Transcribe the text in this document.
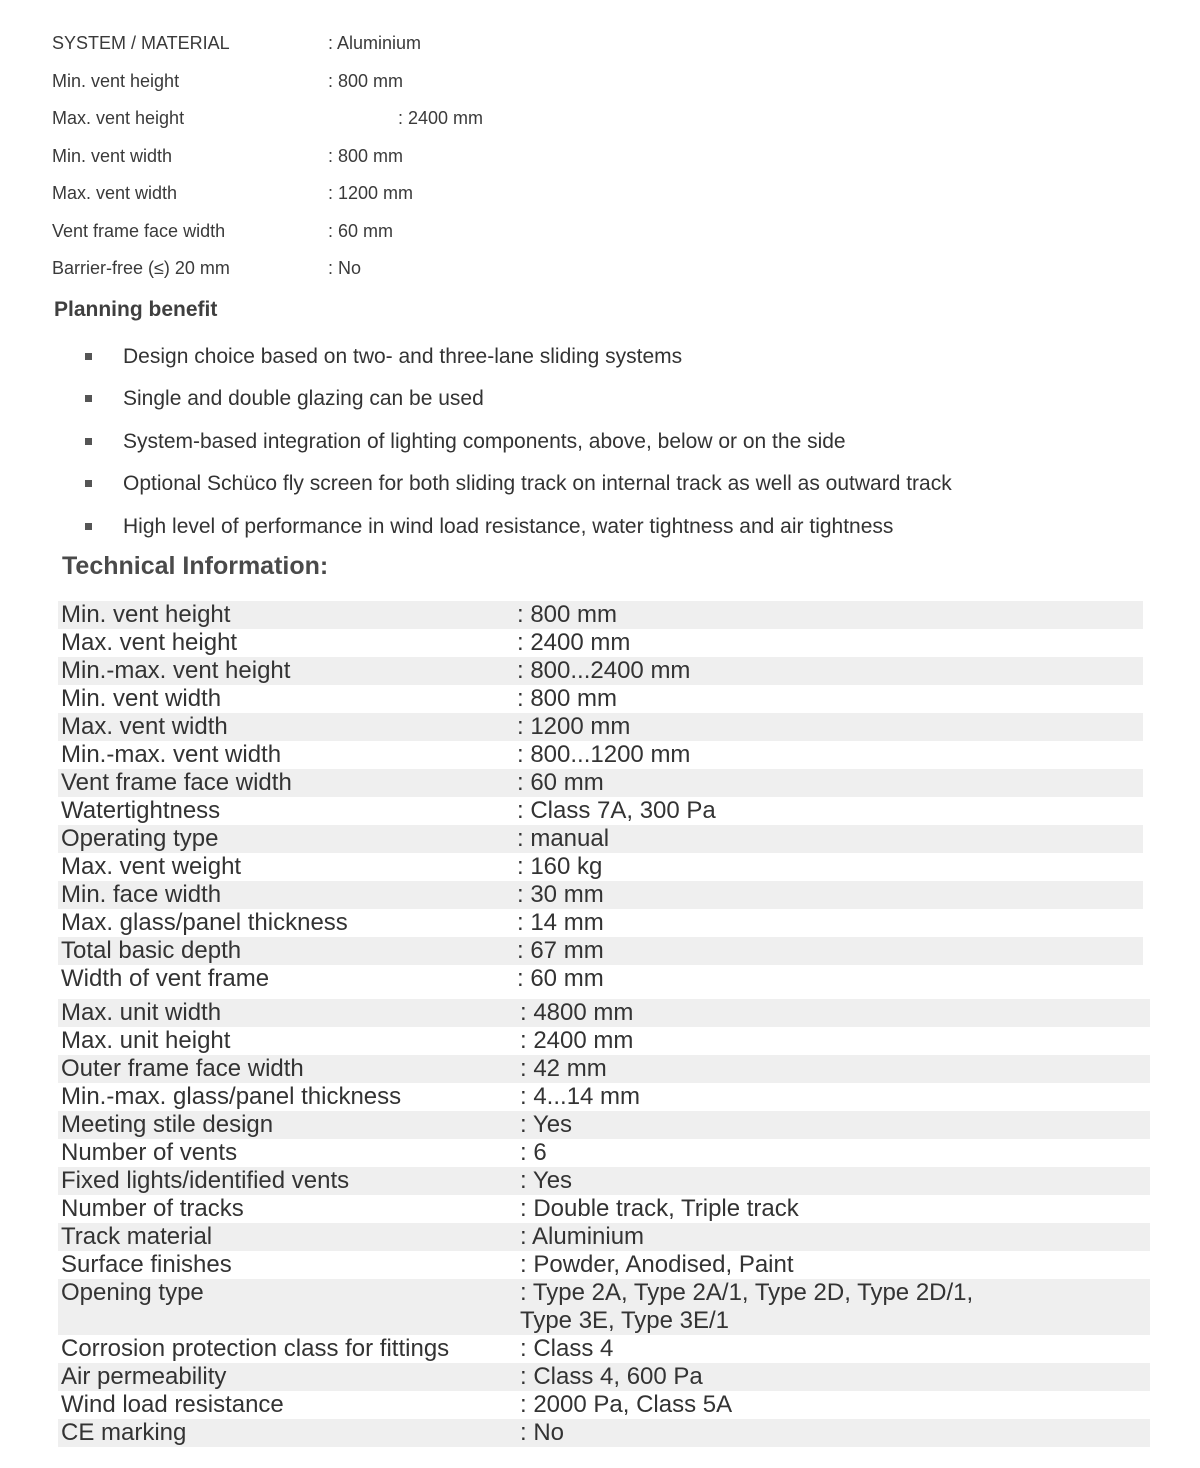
SYSTEM / MATERIAL	: Aluminium
Min. vent height	: 800 mm
Max. vent height	: 2400 mm
Min. vent width	: 800 mm
Max. vent width	: 1200 mm
Vent frame face width	: 60 mm
Barrier-free (≤) 20 mm	: No
Planning benefit
Design choice based on two- and three-lane sliding systems
Single and double glazing can be used
System-based integration of lighting components, above, below or on the side
Optional Schüco fly screen for both sliding track on internal track as well as outward track
High level of performance in wind load resistance, water tightness and air tightness
Technical Information:
Min. vent height	: 800 mm
Max. vent height	: 2400 mm
Min.-max. vent height	: 800...2400 mm
Min. vent width	: 800 mm
Max. vent width	: 1200 mm
Min.-max. vent width	: 800...1200 mm
Vent frame face width	: 60 mm
Watertightness	: Class 7A, 300 Pa
Operating type	: manual
Max. vent weight	: 160 kg
Min. face width	: 30 mm
Max. glass/panel thickness	: 14 mm
Total basic depth	: 67 mm
Width of vent frame	: 60 mm
Max. unit width	: 4800 mm
Max. unit height	: 2400 mm
Outer frame face width	: 42 mm
Min.-max. glass/panel thickness	: 4...14 mm
Meeting stile design	: Yes
Number of vents	: 6
Fixed lights/identified vents	: Yes
Number of tracks	: Double track, Triple track
Track material	: Aluminium
Surface finishes	: Powder, Anodised, Paint
Opening type	: Type 2A, Type 2A/1, Type 2D, Type 2D/1,
Type 3E, Type 3E/1
Corrosion protection class for fittings	: Class 4
Air permeability	: Class 4, 600 Pa
Wind load resistance	: 2000 Pa, Class 5A
CE marking	: No
